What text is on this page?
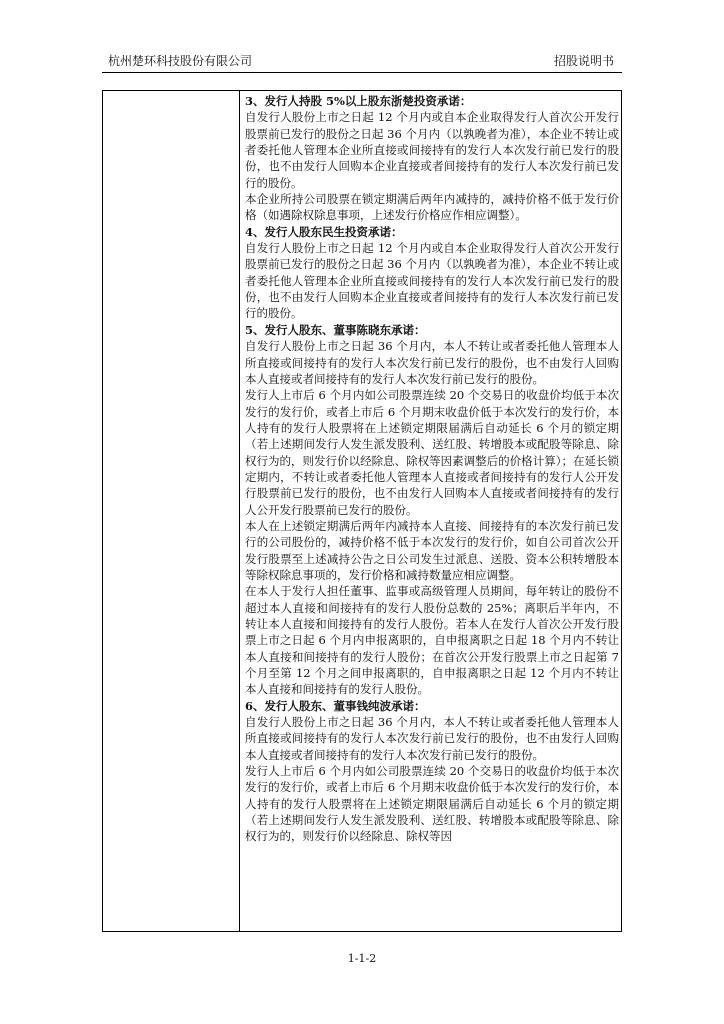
杭州楚环科技股份有限公司	招股说明书

3、发行人持股 5%以上股东浙楚投资承诺：

自发行人股份上市之日起 12 个月内或自本企业取得发行人首次公开发行股票前已发行的股份之日起 36 个月内（以孰晚者为准），本企业不转让或者委托他人管理本企业所直接或间接持有的发行人本次发行前已发行的股份，也不由发行人回购本企业直接或者间接持有的发行人本次发行前已发行的股份。

本企业所持公司股票在锁定期满后两年内减持的，减持价格不低于发行价格（如遇除权除息事项，上述发行价格应作相应调整）。

4、发行人股东民生投资承诺：

自发行人股份上市之日起 12 个月内或自本企业取得发行人首次公开发行股票前已发行的股份之日起 36 个月内（以孰晚者为准），本企业不转让或者委托他人管理本企业所直接或间接持有的发行人本次发行前已发行的股份，也不由发行人回购本企业直接或者间接持有的发行人本次发行前已发行的股份。

5、发行人股东、董事陈晓东承诺：

自发行人股份上市之日起 36 个月内，本人不转让或者委托他人管理本人所直接或间接持有的发行人本次发行前已发行的股份，也不由发行人回购本人直接或者间接持有的发行人本次发行前已发行的股份。

发行人上市后 6 个月内如公司股票连续 20 个交易日的收盘价均低于本次发行的发行价，或者上市后 6 个月期末收盘价低于本次发行的发行价，本人持有的发行人股票将在上述锁定期限届满后自动延长 6 个月的锁定期（若上述期间发行人发生派发股利、送红股、转增股本或配股等除息、除权行为的，则发行价以经除息、除权等因素调整后的价格计算）；在延长锁定期内，不转让或者委托他人管理本人直接或者间接持有的发行人公开发行股票前已发行的股份，也不由发行人回购本人直接或者间接持有的发行人公开发行股票前已发行的股份。

本人在上述锁定期满后两年内减持本人直接、间接持有的本次发行前已发行的公司股份的，减持价格不低于本次发行的发行价，如自公司首次公开发行股票至上述减持公告之日公司发生过派息、送股、资本公积转增股本等除权除息事项的，发行价格和减持数量应相应调整。

在本人于发行人担任董事、监事或高级管理人员期间，每年转让的股份不超过本人直接和间接持有的发行人股份总数的 25%；离职后半年内，不转让本人直接和间接持有的发行人股份。若本人在发行人首次公开发行股票上市之日起 6 个月内申报离职的，自申报离职之日起 18 个月内不转让本人直接和间接持有的发行人股份；在首次公开发行股票上市之日起第 7 个月至第 12 个月之间申报离职的，自申报离职之日起 12 个月内不转让本人直接和间接持有的发行人股份。

6、发行人股东、董事钱纯波承诺：

自发行人股份上市之日起 36 个月内，本人不转让或者委托他人管理本人所直接或间接持有的发行人本次发行前已发行的股份，也不由发行人回购本人直接或者间接持有的发行人本次发行前已发行的股份。

发行人上市后 6 个月内如公司股票连续 20 个交易日的收盘价均低于本次发行的发行价，或者上市后 6 个月期末收盘价低于本次发行的发行价，本人持有的发行人股票将在上述锁定期限届满后自动延长 6 个月的锁定期（若上述期间发行人发生派发股利、送红股、转增股本或配股等除息、除权行为的，则发行价以经除息、除权等因

1-1-2
